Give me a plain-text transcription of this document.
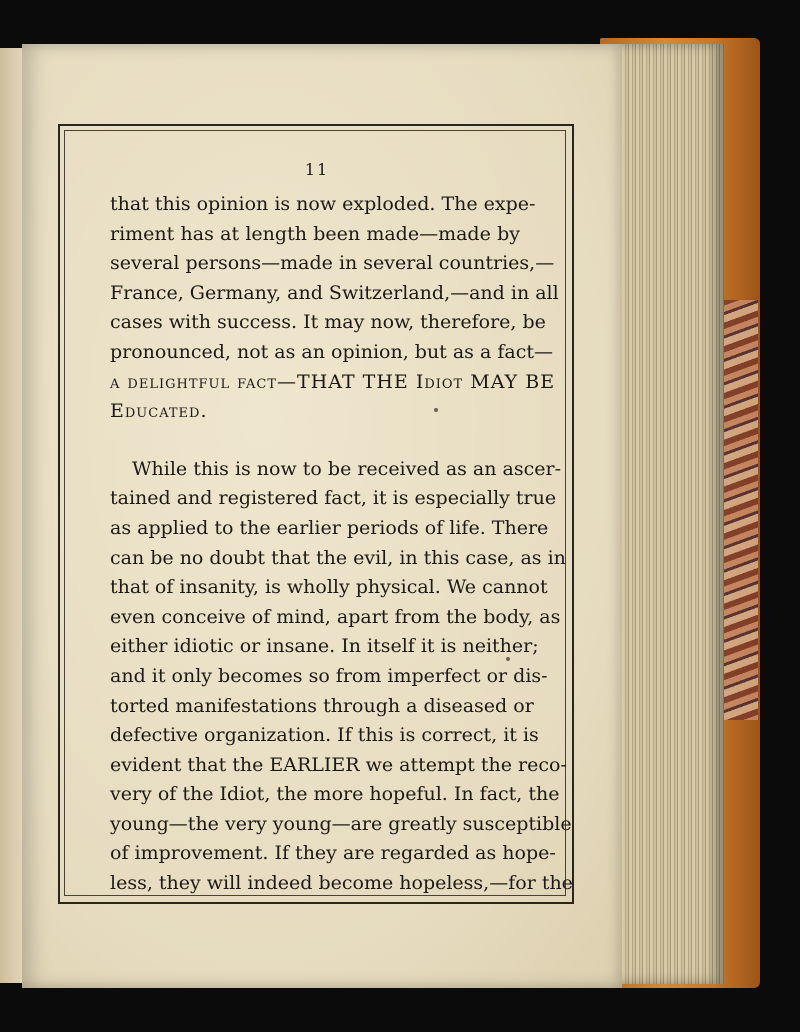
11
that this opinion is now exploded. The expe-
riment has at length been made—made by
several persons—made in several countries,—
France, Germany, and Switzerland,—and in all
cases with success. It may now, therefore, be
pronounced, not as an opinion, but as a fact—
a delightful fact—THAT THE Idiot MAY BE
Educated.
While this is now to be received as an ascer-
tained and registered fact, it is especially true
as applied to the earlier periods of life. There
can be no doubt that the evil, in this case, as in
that of insanity, is wholly physical. We cannot
even conceive of mind, apart from the body, as
either idiotic or insane. In itself it is neither;
and it only becomes so from imperfect or dis-
torted manifestations through a diseased or
defective organization. If this is correct, it is
evident that the EARLIER we attempt the reco-
very of the Idiot, the more hopeful. In fact, the
young—the very young—are greatly susceptible
of improvement. If they are regarded as hope-
less, they will indeed become hopeless,—for the
